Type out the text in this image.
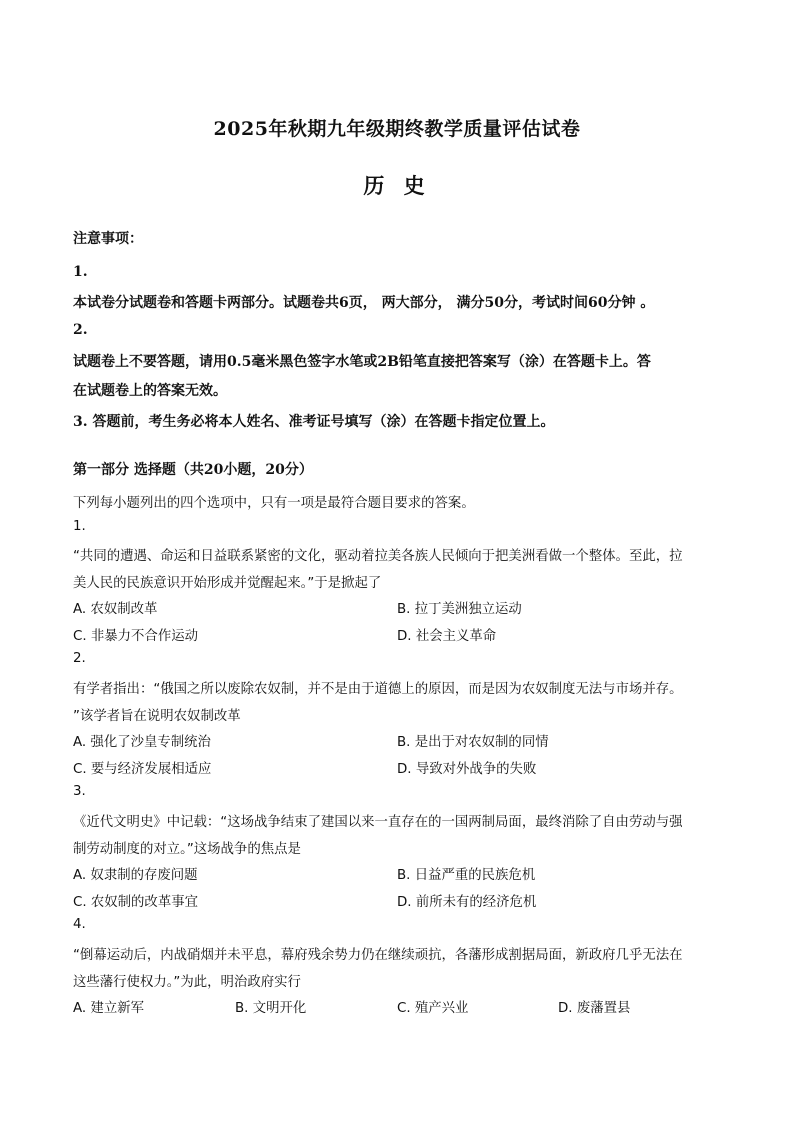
2025年秋期九年级期终教学质量评估试卷
历 史
注意事项：
1.
本试卷分试题卷和答题卡两部分。试题卷共6页， 两大部分， 满分50分，考试时间60分钟 。
2.
试题卷上不要答题，请用0.5毫米黑色签字水笔或2B铅笔直接把答案写（涂）在答题卡上。答
在试题卷上的答案无效。
3. 答题前，考生务必将本人姓名、准考证号填写（涂）在答题卡指定位置上。
第一部分 选择题（共20小题，20分）
下列每小题列出的四个选项中，只有一项是最符合题目要求的答案。
1.
“共同的遭遇、命运和日益联系紧密的文化，驱动着拉美各族人民倾向于把美洲看做一个整体。至此，拉
美人民的民族意识开始形成并觉醒起来。”于是掀起了
A. 农奴制改革	B. 拉丁美洲独立运动
C. 非暴力不合作运动	D. 社会主义革命
2.
有学者指出：“俄国之所以废除农奴制，并不是由于道德上的原因，而是因为农奴制度无法与市场并存。
”该学者旨在说明农奴制改革
A. 强化了沙皇专制统治	B. 是出于对农奴制的同情
C. 要与经济发展相适应	D. 导致对外战争的失败
3.
《近代文明史》中记载：“这场战争结束了建国以来一直存在的一国两制局面，最终消除了自由劳动与强
制劳动制度的对立。”这场战争的焦点是
A. 奴隶制的存废问题	B. 日益严重的民族危机
C. 农奴制的改革事宜	D. 前所未有的经济危机
4.
“倒幕运动后，内战硝烟并未平息，幕府残余势力仍在继续顽抗，各藩形成割据局面，新政府几乎无法在
这些藩行使权力。”为此，明治政府实行
A. 建立新军	B. 文明开化	C. 殖产兴业	D. 废藩置县
